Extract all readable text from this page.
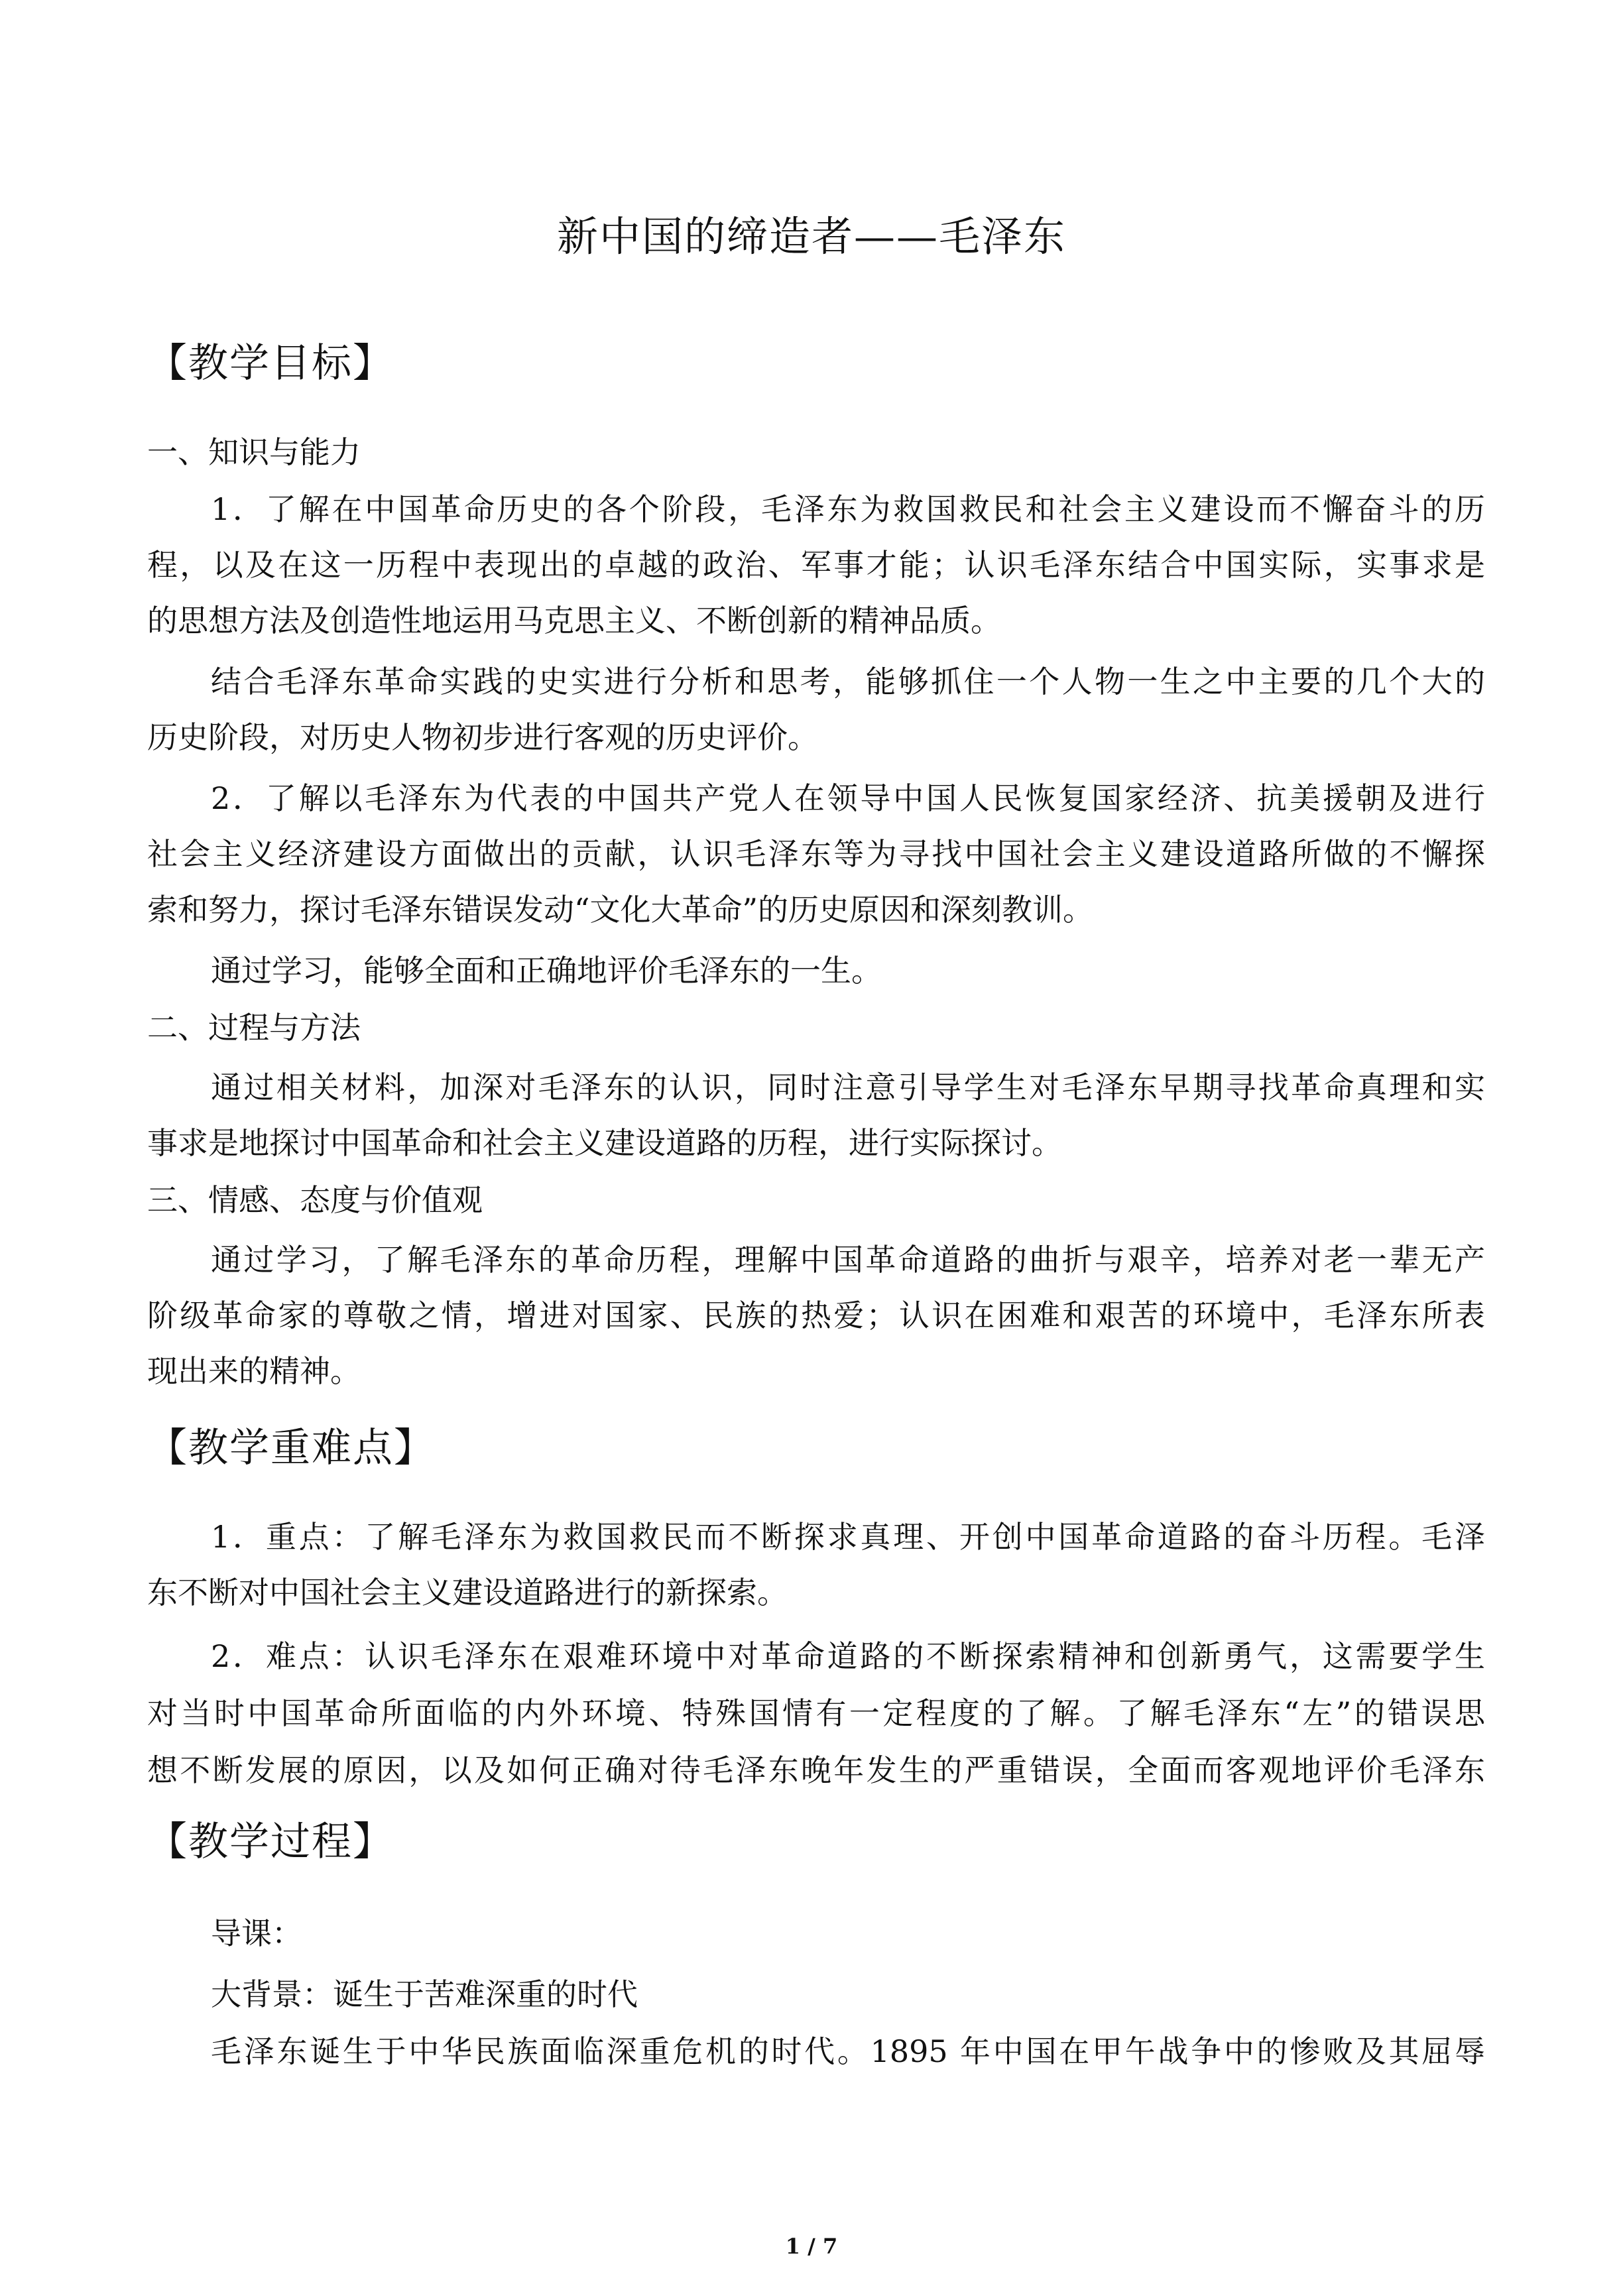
新中国的缔造者——毛泽东
【教学目标】
一、知识与能力
1．了解在中国革命历史的各个阶段，毛泽东为救国救民和社会主义建设而不懈奋斗的历
程，以及在这一历程中表现出的卓越的政治、军事才能；认识毛泽东结合中国实际，实事求是
的思想方法及创造性地运用马克思主义、不断创新的精神品质。
结合毛泽东革命实践的史实进行分析和思考，能够抓住一个人物一生之中主要的几个大的
历史阶段，对历史人物初步进行客观的历史评价。
2．了解以毛泽东为代表的中国共产党人在领导中国人民恢复国家经济、抗美援朝及进行
社会主义经济建设方面做出的贡献，认识毛泽东等为寻找中国社会主义建设道路所做的不懈探
索和努力，探讨毛泽东错误发动“文化大革命”的历史原因和深刻教训。
通过学习，能够全面和正确地评价毛泽东的一生。
二、过程与方法
通过相关材料，加深对毛泽东的认识，同时注意引导学生对毛泽东早期寻找革命真理和实
事求是地探讨中国革命和社会主义建设道路的历程，进行实际探讨。
三、情感、态度与价值观
通过学习，了解毛泽东的革命历程，理解中国革命道路的曲折与艰辛，培养对老一辈无产
阶级革命家的尊敬之情，增进对国家、民族的热爱；认识在困难和艰苦的环境中，毛泽东所表
现出来的精神。
【教学重难点】
1．重点：了解毛泽东为救国救民而不断探求真理、开创中国革命道路的奋斗历程。毛泽
东不断对中国社会主义建设道路进行的新探索。
2．难点：认识毛泽东在艰难环境中对革命道路的不断探索精神和创新勇气，这需要学生
对当时中国革命所面临的内外环境、特殊国情有一定程度的了解。了解毛泽东“左”的错误思
想不断发展的原因，以及如何正确对待毛泽东晚年发生的严重错误，全面而客观地评价毛泽东
【教学过程】
导课：
大背景：诞生于苦难深重的时代
毛泽东诞生于中华民族面临深重危机的时代。1895 年中国在甲午战争中的惨败及其屈辱
1 / 7
